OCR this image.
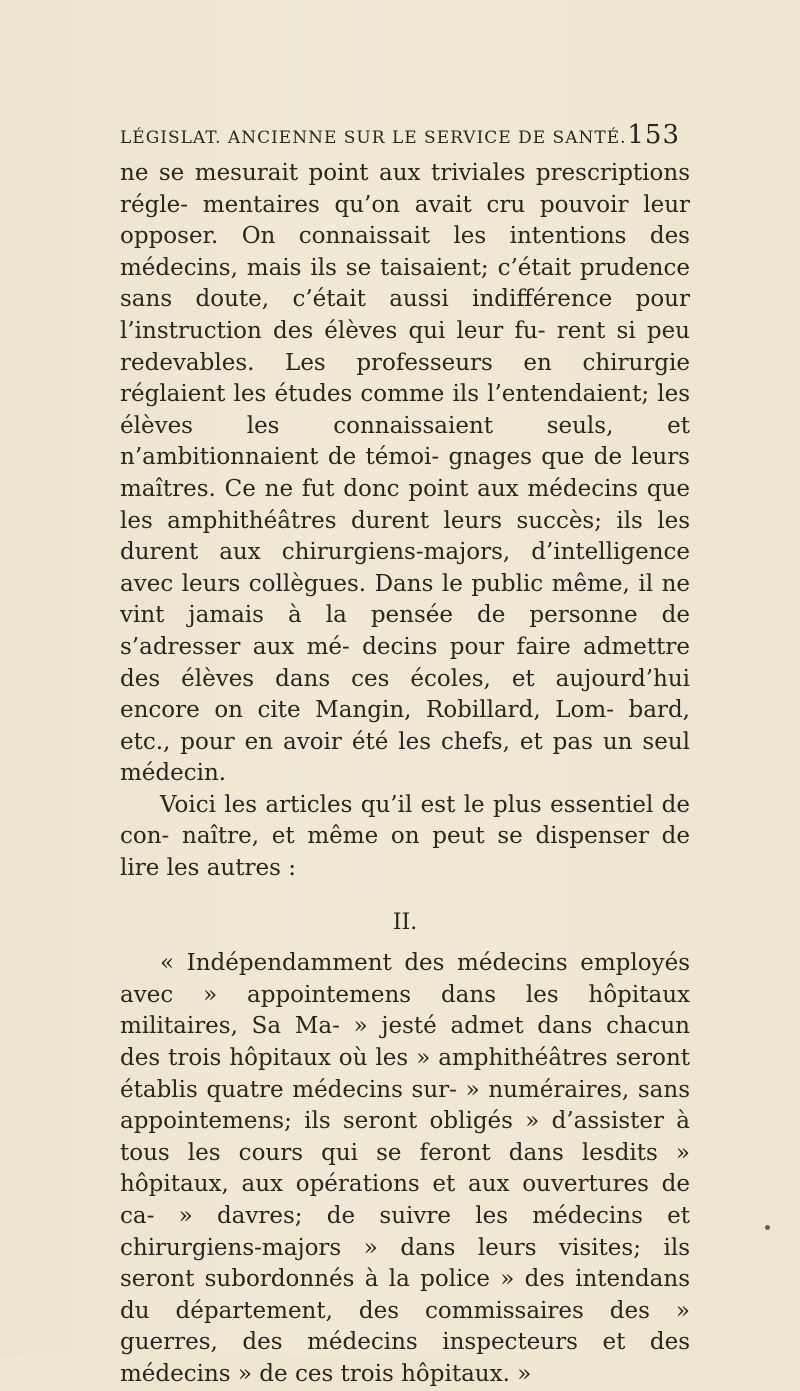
LÉGISLAT. ANCIENNE SUR LE SERVICE DE SANTÉ. 153

ne se mesurait point aux triviales prescriptions régle- mentaires qu’on avait cru pouvoir leur opposer. On connaissait les intentions des médecins, mais ils se taisaient; c’était prudence sans doute, c’était aussi indifférence pour l’instruction des élèves qui leur fu- rent si peu redevables. Les professeurs en chirurgie réglaient les études comme ils l’entendaient; les élèves les connaissaient seuls, et n’ambitionnaient de témoi- gnages que de leurs maîtres. Ce ne fut donc point aux médecins que les amphithéâtres durent leurs succès; ils les durent aux chirurgiens-majors, d’intelligence avec leurs collègues. Dans le public même, il ne vint jamais à la pensée de personne de s’adresser aux mé- decins pour faire admettre des élèves dans ces écoles, et aujourd’hui encore on cite Mangin, Robillard, Lom- bard, etc., pour en avoir été les chefs, et pas un seul médecin.

Voici les articles qu’il est le plus essentiel de con- naître, et même on peut se dispenser de lire les autres :

II.

« Indépendamment des médecins employés avec » appointemens dans les hôpitaux militaires, Sa Ma- » jesté admet dans chacun des trois hôpitaux où les » amphithéâtres seront établis quatre médecins sur- » numéraires, sans appointemens; ils seront obligés » d’assister à tous les cours qui se feront dans lesdits » hôpitaux, aux opérations et aux ouvertures de ca- » davres; de suivre les médecins et chirurgiens-majors » dans leurs visites; ils seront subordonnés à la police » des intendans du département, des commissaires des » guerres, des médecins inspecteurs et des médecins » de ces trois hôpitaux. »
